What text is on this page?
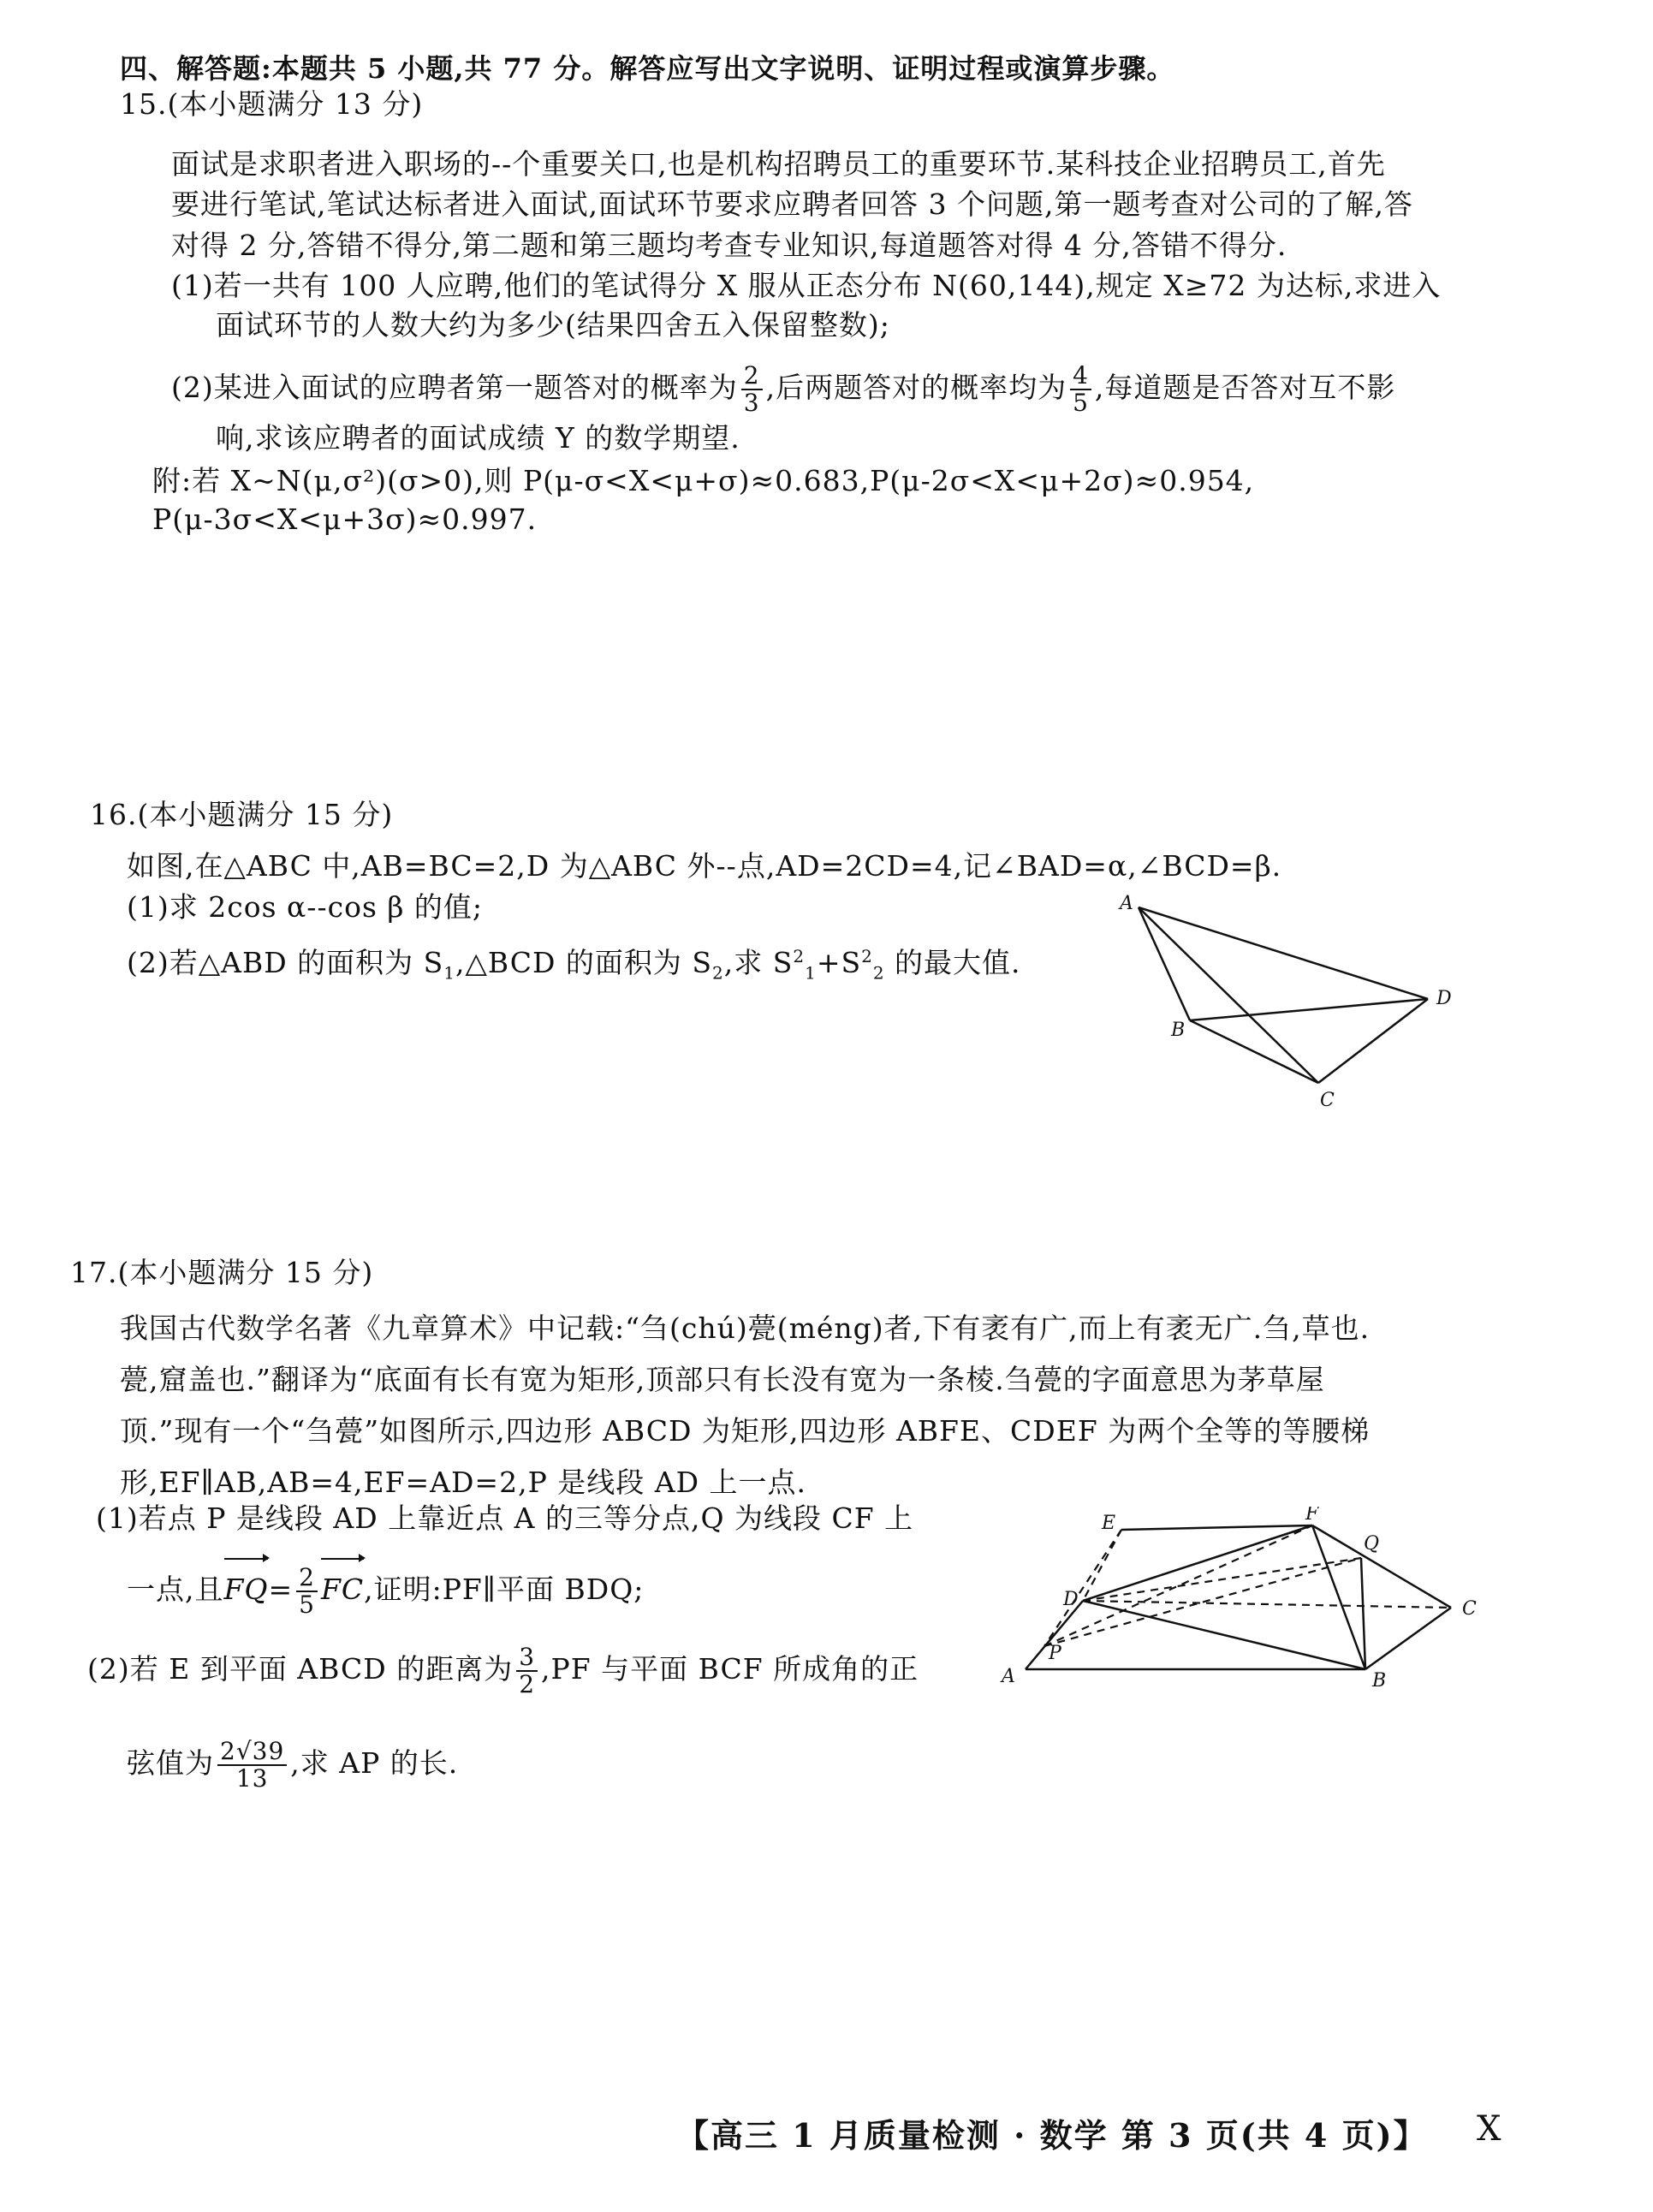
四、解答题:本题共 5 小题,共 77 分。解答应写出文字说明、证明过程或演算步骤。
15.(本小题满分 13 分)
面试是求职者进入职场的--个重要关口,也是机构招聘员工的重要环节.某科技企业招聘员工,首先
要进行笔试,笔试达标者进入面试,面试环节要求应聘者回答 3 个问题,第一题考查对公司的了解,答
对得 2 分,答错不得分,第二题和第三题均考查专业知识,每道题答对得 4 分,答错不得分.
(1)若一共有 100 人应聘,他们的笔试得分 X 服从正态分布 N(60,144),规定 X≥72 为达标,求进入
面试环节的人数大约为多少(结果四舍五入保留整数);
(2)某进入面试的应聘者第一题答对的概率为 $\frac{2}{3}$ ,后两题答对的概率均为 $\frac{4}{5}$ ,每道题是否答对互不影
响,求该应聘者的面试成绩 Y 的数学期望.
附:若 X~N(μ,σ²)(σ>0),则 P(μ-σ<X<μ+σ)≈0.683,P(μ-2σ<X<μ+2σ)≈0.954,
P(μ-3σ<X<μ+3σ)≈0.997.
16.(本小题满分 15 分)
如图,在△ABC 中,AB=BC=2,D 为△ABC 外--点,AD=2CD=4,记∠BAD=α,∠BCD=β.
(1)求 2cos α--cos β 的值;
(2)若△ABD 的面积为 $S_1,\triangle BCD$ 的面积为 $S_2$,求 $S^2_1+S^2_2$ 的最大值.
A
B
C
D
17.(本小题满分 15 分)
我国古代数学名著《九章算术》中记载:“刍(chú)甍(méng)者,下有袤有广,而上有袤无广.刍,草也.
甍,窟盖也.”翻译为“底面有长有宽为矩形,顶部只有长没有宽为一条棱.刍甍的字面意思为茅草屋
顶.”现有一个“刍甍”如图所示,四边形 ABCD 为矩形,四边形 ABFE、CDEF 为两个全等的等腰梯
形,EF∥AB,AB=4,EF=AD=2,P 是线段 AD 上一点.
(1)若点 P 是线段 AD 上靠近点 A 的三等分点,Q 为线段 CF 上
一点,且$FQ= \frac{2}{5}$ FC,证明:PF∥平面 BDQ;
(2)若 E 到平面 ABCD 的距离为 $\frac{3}{2} ,PF$ 与平面 BCF 所成角的正
弦值为 $\frac{2√39}{13}$ ,求 AP 的长.
E	F
Q
D	C
A
P
B
【高三 1 月质量检测 · 数学 第 3 页(共 4 页)】 X
